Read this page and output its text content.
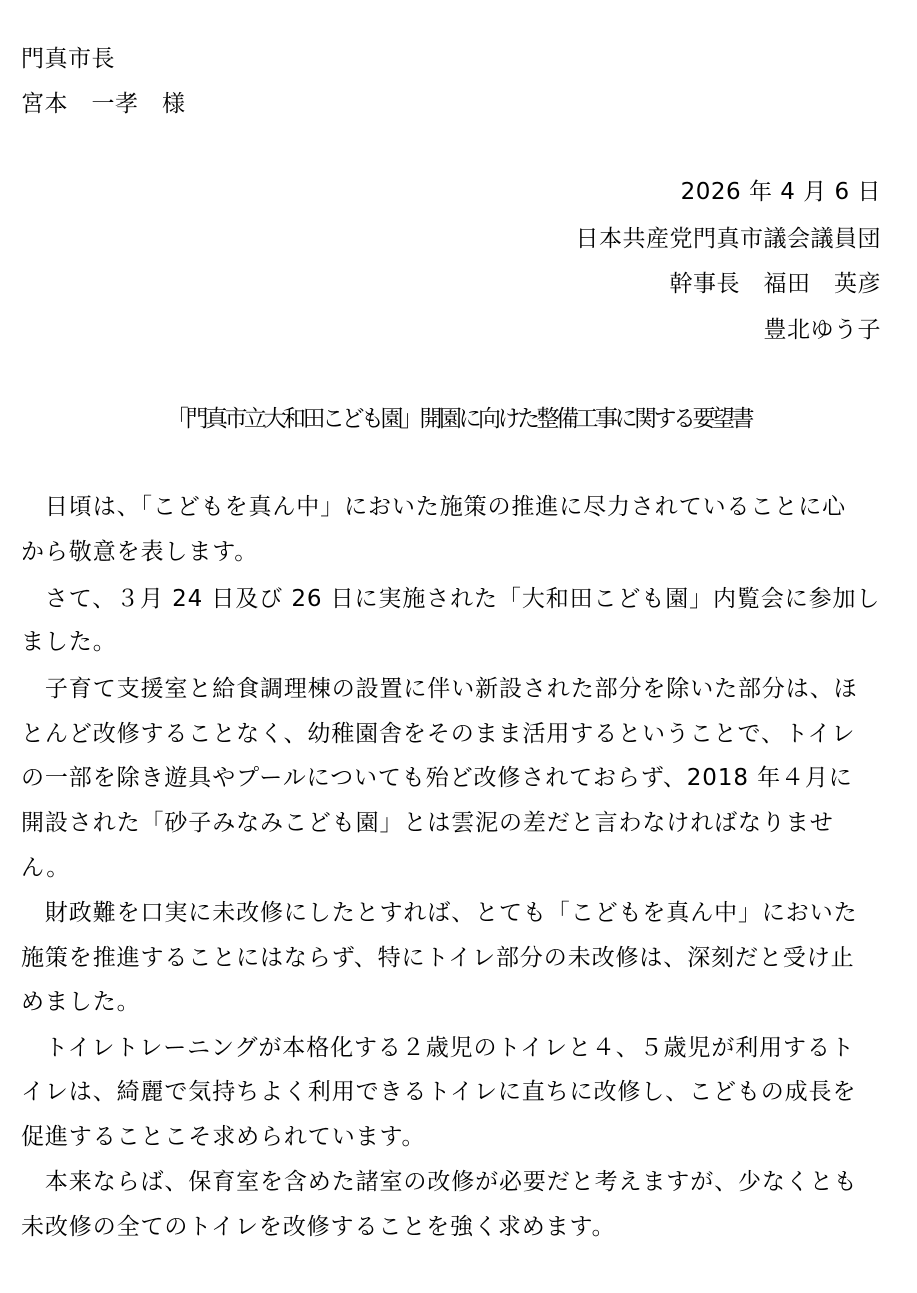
門真市長
宮本　一孝　様
2026 年 4 月 6 日
日本共産党門真市議会議員団
幹事長　福田　英彦
豊北ゆう子
「門真市立大和田こども園」開園に向けた整備工事に関する要望書
　日頃は、「こどもを真ん中」においた施策の推進に尽力されていることに心
から敬意を表します。
　さて、３月 24 日及び 26 日に実施された「大和田こども園」内覧会に参加し
ました。
　子育て支援室と給食調理棟の設置に伴い新設された部分を除いた部分は、ほ
とんど改修することなく、幼稚園舎をそのまま活用するということで、トイレ
の一部を除き遊具やプールについても殆ど改修されておらず、2018 年４月に
開設された「砂子みなみこども園」とは雲泥の差だと言わなければなりませ
ん。
　財政難を口実に未改修にしたとすれば、とても「こどもを真ん中」においた
施策を推進することにはならず、特にトイレ部分の未改修は、深刻だと受け止
めました。
　トイレトレーニングが本格化する２歳児のトイレと４、５歳児が利用するト
イレは、綺麗で気持ちよく利用できるトイレに直ちに改修し、こどもの成長を
促進することこそ求められています。
　本来ならば、保育室を含めた諸室の改修が必要だと考えますが、少なくとも
未改修の全てのトイレを改修することを強く求めます。
